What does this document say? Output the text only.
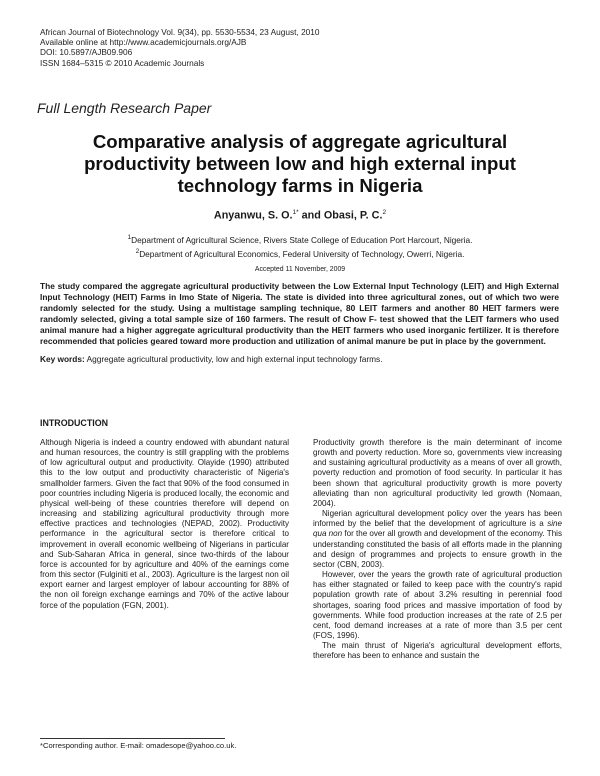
African Journal of Biotechnology Vol. 9(34), pp. 5530-5534, 23 August, 2010
Available online at http://www.academicjournals.org/AJB
DOI: 10.5897/AJB09.906
ISSN 1684–5315 © 2010 Academic Journals
Full Length Research Paper
Comparative analysis of aggregate agricultural productivity between low and high external input technology farms in Nigeria
Anyanwu, S. O.$^{1*}$ and Obasi, P. C.$^2$
$^1$Department of Agricultural Science, Rivers State College of Education Port Harcourt, Nigeria.
$^2$Department of Agricultural Economics, Federal University of Technology, Owerri, Nigeria.
Accepted 11 November, 2009
The study compared the aggregate agricultural productivity between the Low External Input Technology (LEIT) and High External Input Technology (HEIT) Farms in Imo State of Nigeria. The state is divided into three agricultural zones, out of which two were randomly selected for the study. Using a multistage sampling technique, 80 LEIT farmers and another 80 HEIT farmers were randomly selected, giving a total sample size of 160 farmers. The result of Chow F- test showed that the LEIT farmers who used animal manure had a higher aggregate agricultural productivity than the HEIT farmers who used inorganic fertilizer. It is therefore recommended that policies geared toward more production and utilization of animal manure be put in place by the government.
Key words: Aggregate agricultural productivity, low and high external input technology farms.
INTRODUCTION

Although Nigeria is indeed a country endowed with abundant natural and human resources, the country is still grappling with the problems of low agricultural output and productivity. Olayide (1990) attributed this to the low output and productivity characteristic of Nigeria's smallholder farmers. Given the fact that 90% of the food consumed in poor countries including Nigeria is produced locally, the economic and physical well-being of these countries therefore will depend on increasing and stabilizing agricultural productivity through more effective practices and technologies (NEPAD, 2002). Productivity performance in the agricultural sector is therefore critical to improvement in overall economic wellbeing of Nigerians in particular and Sub-Saharan Africa in general, since two-thirds of the labour force is accounted for by agriculture and 40% of the earnings come from this sector (Fulginiti et al., 2003). Agriculture is the largest non oil export earner and largest employer of labour accounting for 88% of the non oil foreign exchange earnings and 70% of the active labour force of the population (FGN, 2001).

Productivity growth therefore is the main determinant of income growth and poverty reduction. More so, governments view increasing and sustaining agricultural productivity as a means of over all growth, poverty reduction and promotion of food security. In particular it has been shown that agricultural productivity growth is more poverty alleviating than non agricultural productivity led growth (Nomaan, 2004).

Nigerian agricultural development policy over the years has been informed by the belief that the development of agriculture is a sine qua non for the over all growth and development of the economy. This understanding constituted the basis of all efforts made in the planning and design of programmes and projects to ensure growth in the sector (CBN, 2003).

However, over the years the growth rate of agricultural production has either stagnated or failed to keep pace with the country's rapid population growth rate of about 3.2% resulting in perennial food shortages, soaring food prices and massive importation of food by governments. While food production increases at the rate of 2.5 per cent, food demand increases at a rate of more than 3.5 per cent (FOS, 1996).

The main thrust of Nigeria's agricultural development efforts, therefore has been to enhance and sustain the

*Corresponding author. E-mail: omadesope@yahoo.co.uk.
